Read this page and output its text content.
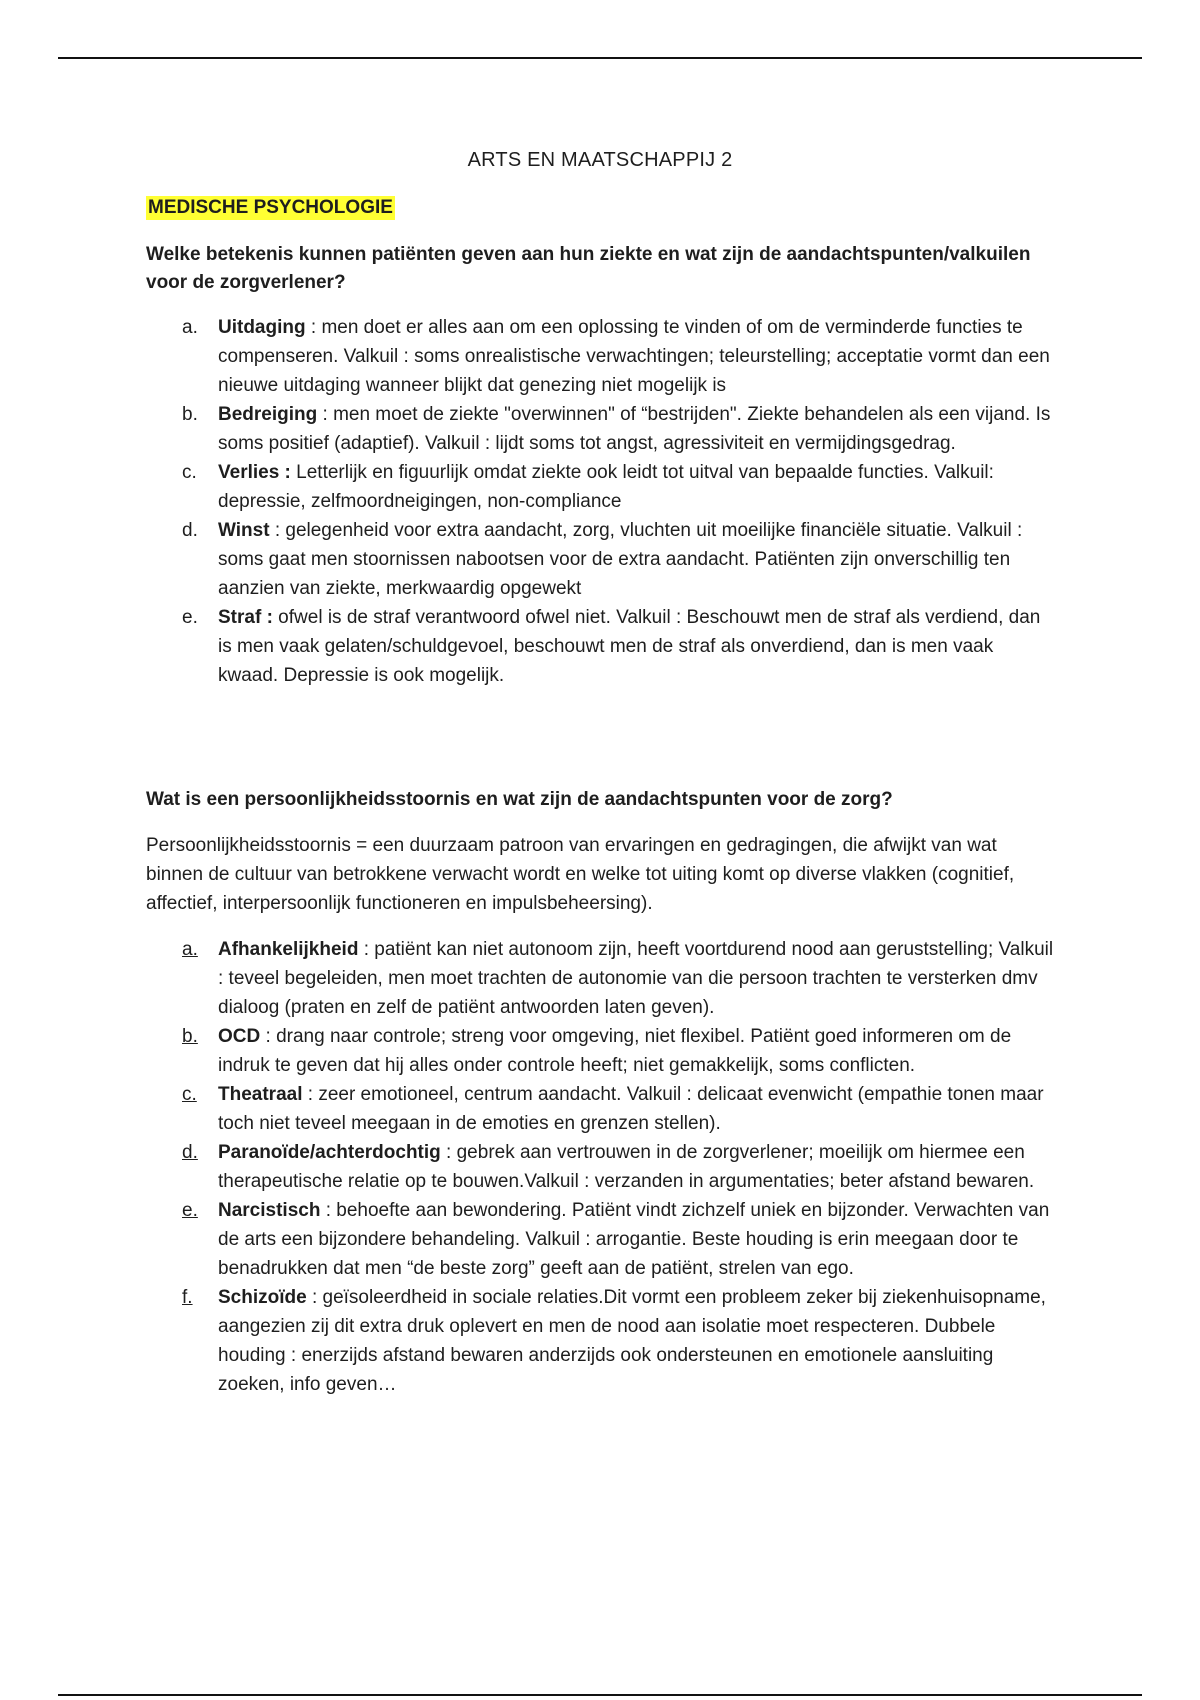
ARTS EN MAATSCHAPPIJ 2
MEDISCHE PSYCHOLOGIE
Welke betekenis kunnen patiënten geven aan hun ziekte en wat zijn de aandachtspunten/valkuilen voor de zorgverlener?
a. Uitdaging : men doet er alles aan om een oplossing te vinden of om de verminderde functies te compenseren. Valkuil : soms onrealistische verwachtingen; teleurstelling; acceptatie vormt dan een nieuwe uitdaging wanneer blijkt dat genezing niet mogelijk is
b. Bedreiging : men moet de ziekte "overwinnen" of “bestrijden". Ziekte behandelen als een vijand. Is soms positief (adaptief). Valkuil : lijdt soms tot angst, agressiviteit en vermijdingsgedrag.
c. Verlies : Letterlijk en figuurlijk omdat ziekte ook leidt tot uitval van bepaalde functies. Valkuil: depressie, zelfmoordneigingen, non-compliance
d. Winst : gelegenheid voor extra aandacht, zorg, vluchten uit moeilijke financiële situatie. Valkuil : soms gaat men stoornissen nabootsen voor de extra aandacht. Patiënten zijn onverschillig ten aanzien van ziekte, merkwaardig opgewekt
e. Straf : ofwel is de straf verantwoord ofwel niet. Valkuil : Beschouwt men de straf als verdiend, dan is men vaak gelaten/schuldgevoel, beschouwt men de straf als onverdiend, dan is men vaak kwaad. Depressie is ook mogelijk.
Wat is een persoonlijkheidsstoornis en wat zijn de aandachtspunten voor de zorg?
Persoonlijkheidsstoornis = een duurzaam patroon van ervaringen en gedragingen, die afwijkt van wat binnen de cultuur van betrokkene verwacht wordt en welke tot uiting komt op diverse vlakken (cognitief, affectief, interpersoonlijk functioneren en impulsbeheersing).
a.	Afhankelijkheid : patiënt kan niet autonoom zijn, heeft voortdurend nood aan geruststelling; Valkuil : teveel begeleiden, men moet trachten de autonomie van die persoon trachten te versterken dmv dialoog (praten en zelf de patiënt antwoorden laten geven).
b.	OCD : drang naar controle; streng voor omgeving, niet flexibel. Patiënt goed informeren om de indruk te geven dat hij alles onder controle heeft; niet gemakkelijk, soms conflicten.
c.	Theatraal : zeer emotioneel, centrum aandacht. Valkuil : delicaat evenwicht (empathie tonen maar toch niet teveel meegaan in de emoties en grenzen stellen).
d.	Paranoïde/achterdochtig : gebrek aan vertrouwen in de zorgverlener; moeilijk om hiermee een therapeutische relatie op te bouwen.Valkuil : verzanden in argumentaties; beter afstand bewaren.
e.	Narcistisch : behoefte aan bewondering. Patiënt vindt zichzelf uniek en bijzonder. Verwachten van de arts een bijzondere behandeling. Valkuil : arrogantie. Beste houding is erin meegaan door te benadrukken dat men “de beste zorg” geeft aan de patiënt, strelen van ego.
f.	Schizoïde : geïsoleerdheid in sociale relaties.Dit vormt een probleem zeker bij ziekenhuisopname, aangezien zij dit extra druk oplevert en men de nood aan isolatie moet respecteren. Dubbele houding : enerzijds afstand bewaren anderzijds ook ondersteunen en emotionele aansluiting zoeken, info geven…
